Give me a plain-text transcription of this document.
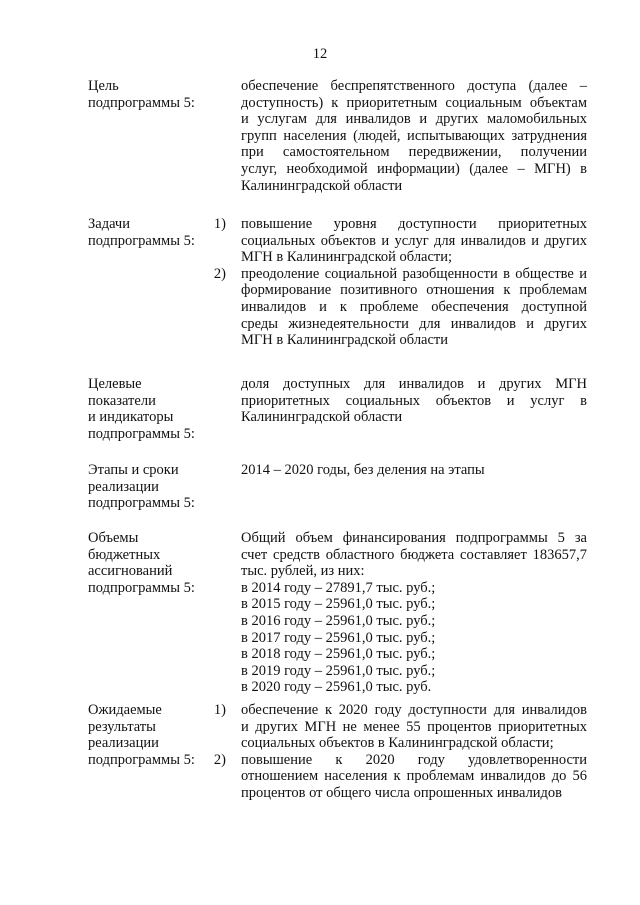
12
Цель
подпрограммы 5:
обеспечение беспрепятственного доступа (далее –
доступность) к приоритетным социальным объектам
и услугам для инвалидов и других маломобильных
групп населения (людей, испытывающих затруднения
при самостоятельном передвижении, получении
услуг, необходимой информации) (далее – МГН) в
Калининградской области
Задачи
подпрограммы 5:
1)
2)
повышение уровня доступности приоритетных
социальных объектов и услуг для инвалидов и других
МГН в Калининградской области;
преодоление социальной разобщенности в обществе и
формирование позитивного отношения к проблемам
инвалидов и к проблеме обеспечения доступной
среды жизнедеятельности для инвалидов и других
МГН в Калининградской области
Целевые
показатели
и индикаторы
подпрограммы 5:
доля доступных для инвалидов и других МГН
приоритетных социальных объектов и услуг в
Калининградской области
Этапы и сроки
реализации
подпрограммы 5:
2014 – 2020 годы, без деления на этапы
Объемы
бюджетных
ассигнований
подпрограммы 5:
Общий объем финансирования подпрограммы 5 за
счет средств областного бюджета составляет 183657,7
тыс. рублей, из них:
в 2014 году – 27891,7 тыс. руб.;
в 2015 году – 25961,0 тыс. руб.;
в 2016 году – 25961,0 тыс. руб.;
в 2017 году – 25961,0 тыс. руб.;
в 2018 году – 25961,0 тыс. руб.;
в 2019 году – 25961,0 тыс. руб.;
в 2020 году – 25961,0 тыс. руб.
Ожидаемые
результаты
реализации
подпрограммы 5:
1)
2)
обеспечение к 2020 году доступности для инвалидов
и других МГН не менее 55 процентов приоритетных
социальных объектов в Калининградской области;
повышение к 2020 году удовлетворенности
отношением населения к проблемам инвалидов до 56
процентов от общего числа опрошенных инвалидов
